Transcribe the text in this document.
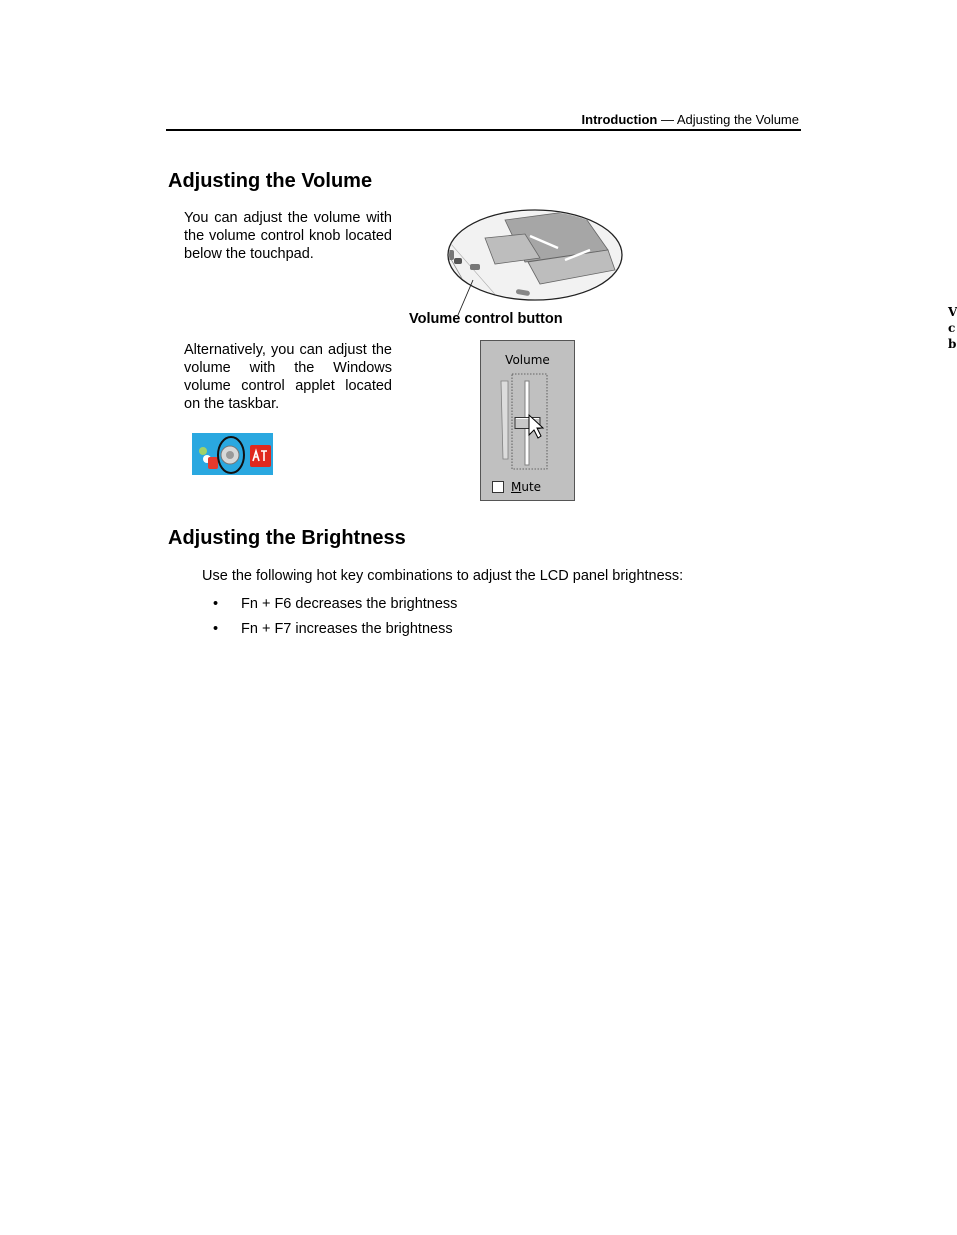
Introduction — Adjusting the Volume
Adjusting the Volume

You can adjust the volume with the volume control knob located below the touchpad.

Volume control button

Alternatively, you can adjust the volume with the Windows volume control applet located on the taskbar.

Volume
Mute
Adjusting the Brightness
Use the following hot key combinations to adjust the LCD panel brightness:
• Fn + F6 decreases the brightness
• Fn + F7 increases the brightness
V
c
b
